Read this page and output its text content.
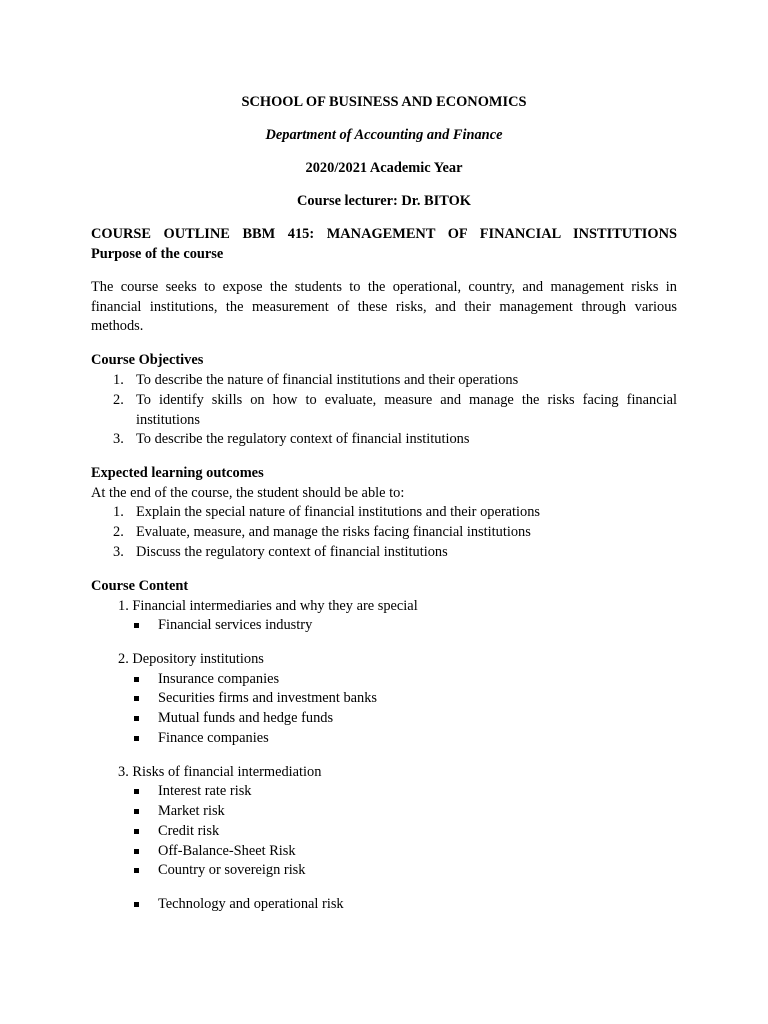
SCHOOL OF BUSINESS AND ECONOMICS

Department of Accounting and Finance

2020/2021 Academic Year

Course lecturer: Dr. BITOK

COURSE OUTLINE BBM 415: MANAGEMENT OF FINANCIAL INSTITUTIONS

Purpose of the course

The course seeks to expose the students to the operational, country, and management risks in
financial institutions, the measurement of these risks, and their management through various
methods.

Course Objectives

1. To describe the nature of financial institutions and their operations
2. To identify skills on how to evaluate, measure and manage the risks facing financial
institutions
3. To describe the regulatory context of financial institutions

Expected learning outcomes

At the end of the course, the student should be able to:

1. Explain the special nature of financial institutions and their operations
2. Evaluate, measure, and manage the risks facing financial institutions
3. Discuss the regulatory context of financial institutions

Course Content

1. Financial intermediaries and why they are special

Financial services industry

2. Depository institutions

Insurance companies
Securities firms and investment banks
Mutual funds and hedge funds
Finance companies

3. Risks of financial intermediation

Interest rate risk
Market risk
Credit risk
Off-Balance-Sheet Risk
Country or sovereign risk
Technology and operational risk
